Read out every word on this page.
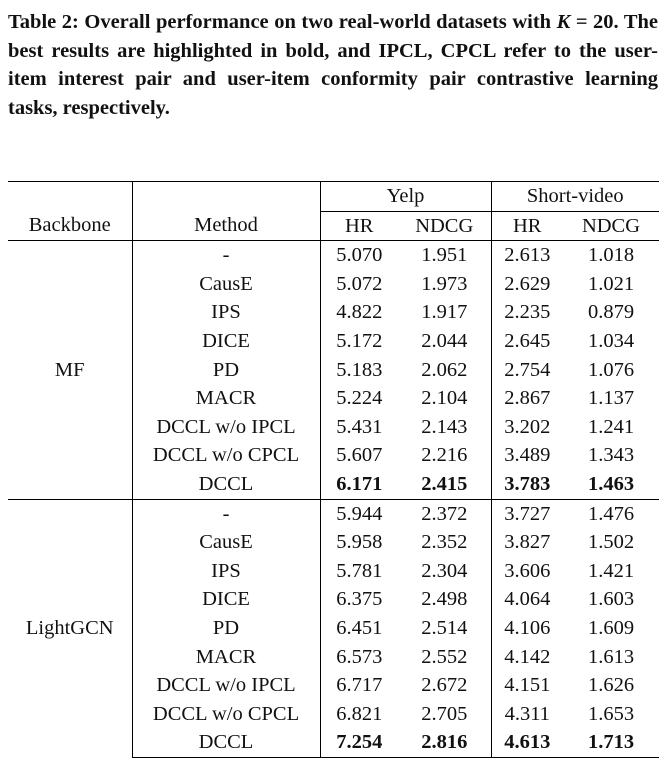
Table 2: Overall performance on two real-world datasets with K = 20. The best results are highlighted in bold, and IPCL, CPCL refer to the user-item interest pair and user-item conformity pair contrastive learning tasks, respectively.
		Yelp		Short-video	
Backbone	Method	HR	NDCG	HR	NDCG
MF	-	5.070	1.951	2.613	1.018
	CausE	5.072	1.973	2.629	1.021
	IPS	4.822	1.917	2.235	0.879
	DICE	5.172	2.044	2.645	1.034
	PD	5.183	2.062	2.754	1.076
	MACR	5.224	2.104	2.867	1.137
	DCCL w/o IPCL	5.431	2.143	3.202	1.241
	DCCL w/o CPCL	5.607	2.216	3.489	1.343
	DCCL	6.171	2.415	3.783	1.463
LightGCN	-	5.944	2.372	3.727	1.476
	CausE	5.958	2.352	3.827	1.502
	IPS	5.781	2.304	3.606	1.421
	DICE	6.375	2.498	4.064	1.603
	PD	6.451	2.514	4.106	1.609
	MACR	6.573	2.552	4.142	1.613
	DCCL w/o IPCL	6.717	2.672	4.151	1.626
	DCCL w/o CPCL	6.821	2.705	4.311	1.653
	DCCL	7.254	2.816	4.613	1.713
